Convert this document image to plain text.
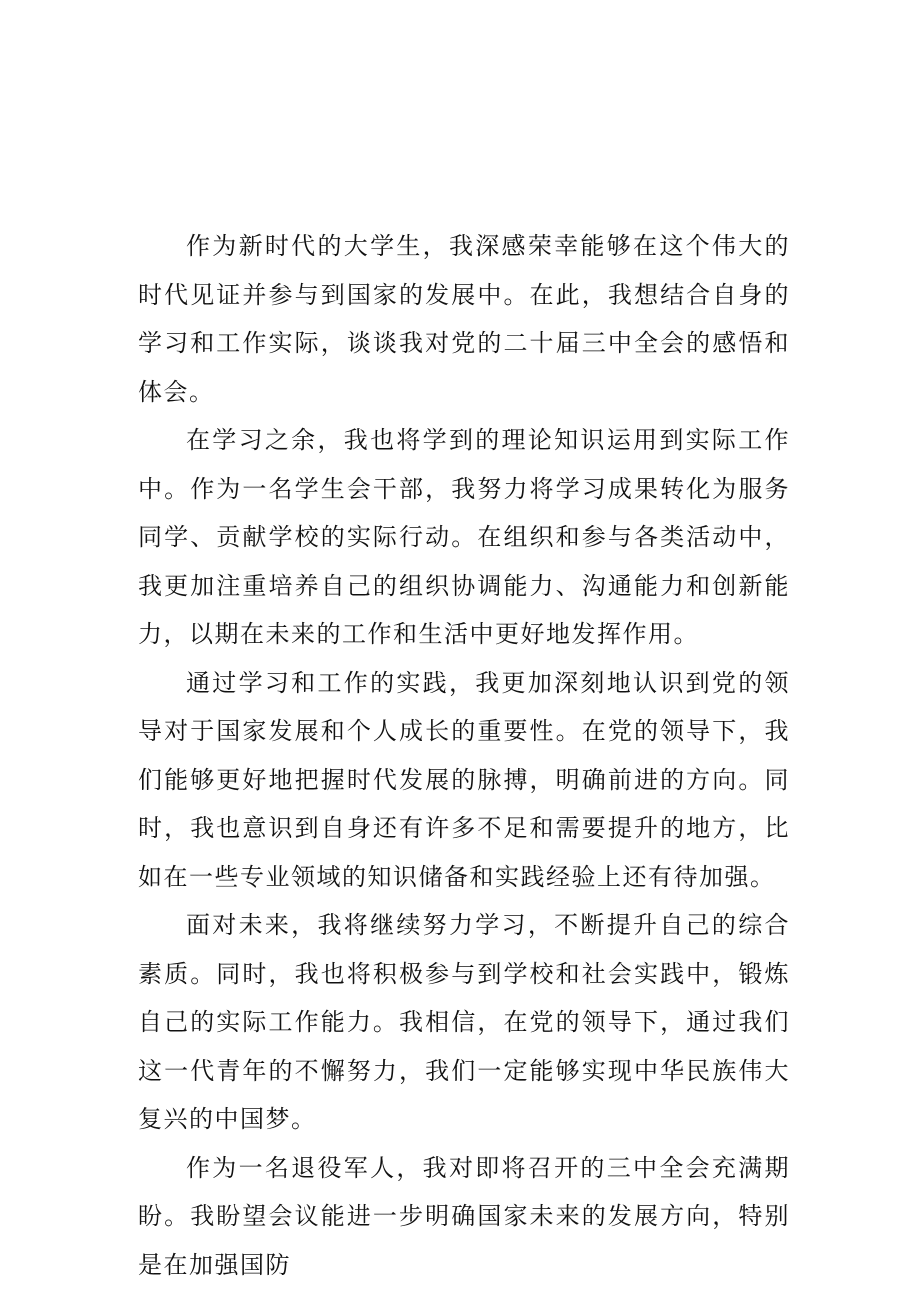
作为新时代的大学生，我深感荣幸能够在这个伟大的时代见证并参与到国家的发展中。在此，我想结合自身的学习和工作实际，谈谈我对党的二十届三中全会的感悟和体会。

在学习之余，我也将学到的理论知识运用到实际工作中。作为一名学生会干部，我努力将学习成果转化为服务同学、贡献学校的实际行动。在组织和参与各类活动中，我更加注重培养自己的组织协调能力、沟通能力和创新能力，以期在未来的工作和生活中更好地发挥作用。

通过学习和工作的实践，我更加深刻地认识到党的领导对于国家发展和个人成长的重要性。在党的领导下，我们能够更好地把握时代发展的脉搏，明确前进的方向。同时，我也意识到自身还有许多不足和需要提升的地方，比如在一些专业领域的知识储备和实践经验上还有待加强。

面对未来，我将继续努力学习，不断提升自己的综合素质。同时，我也将积极参与到学校和社会实践中，锻炼自己的实际工作能力。我相信，在党的领导下，通过我们这一代青年的不懈努力，我们一定能够实现中华民族伟大复兴的中国梦。

作为一名退役军人，我对即将召开的三中全会充满期盼。我盼望会议能进一步明确国家未来的发展方向，特别是在加强国防
